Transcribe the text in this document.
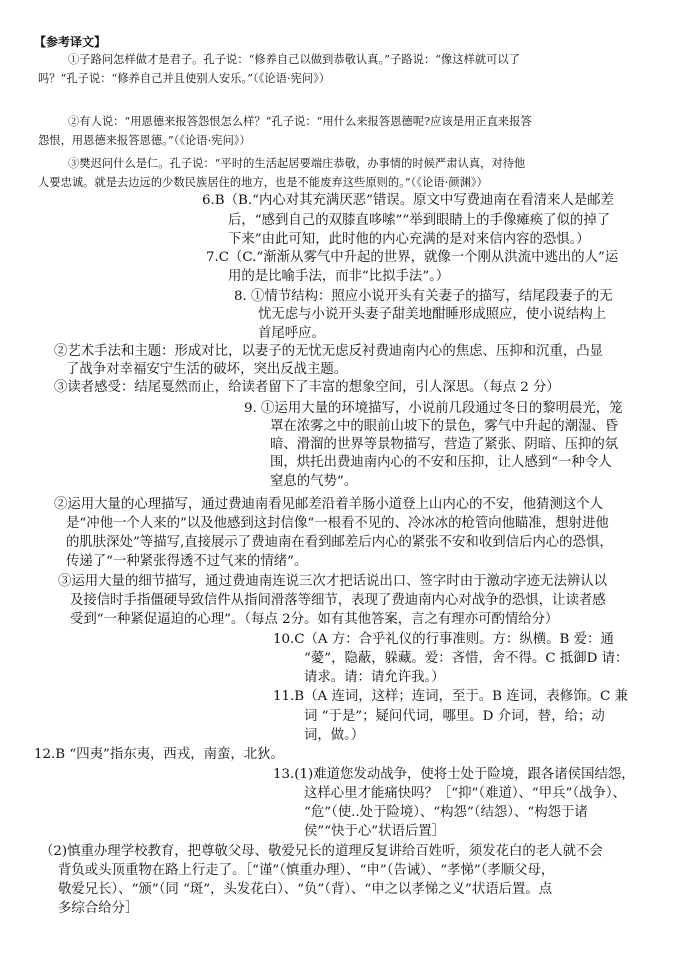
【参考译文】
①子路问怎样做才是君子。孔子说：“修养自己以做到恭敬认真。”子路说：“像这样就可以了
吗？”孔子说：“修养自己并且使别人安乐。”（《论语·宪问》）
②有人说：“用恩德来报答怨恨怎么样？”孔子说：“用什么来报答恩德呢?应该是用正直来报答
怨恨，用恩德来报答恩德。”（《论语·宪问》）
③樊迟问什么是仁。孔子说：“平时的生活起居要端庄恭敬，办事情的时候严肃认真，对待他
人要忠诚。就是去边远的少数民族居住的地方，也是不能废弃这些原则的。”（《论语·颜渊》）
6.B（B.“内心对其充满厌恶”错误。原文中写费迪南在看清来人是邮差
后，“感到自己的双膝直哆嗦”“举到眼睛上的手像瘫痪了似的掉了
下来”由此可知，此时他的内心充满的是对来信内容的恐惧。）
7.C（C.“渐渐从雾气中升起的世界，就像一个刚从洪流中逃出的人”运
用的是比喻手法，而非“比拟手法”。）
8. ①情节结构：照应小说开头有关妻子的描写，结尾段妻子的无
忧无虑与小说开头妻子甜美地酣睡形成照应，使小说结构上
首尾呼应。
②艺术手法和主题：形成对比，以妻子的无忧无虑反衬费迪南内心的焦虑、压抑和沉重，凸显
了战争对幸福安宁生活的破坏，突出反战主题。
③读者感受：结尾戛然而止，给读者留下了丰富的想象空间，引人深思。（每点 2 分）
9. ①运用大量的环境描写，小说前几段通过冬日的黎明晨光，笼
罩在浓雾之中的眼前山坡下的景色，雾气中升起的潮湿、昏
暗、滑溜的世界等景物描写，营造了紧张、阴暗、压抑的氛
围，烘托出费迪南内心的不安和压抑，让人感到“一种令人
窒息的气势”。
②运用大量的心理描写，通过费迪南看见邮差沿着羊肠小道登上山内心的不安，他猜测这个人
是“冲他一个人来的”以及他感到这封信像“一根看不见的、冷冰冰的枪管向他瞄准，想射进他
的肌肤深处”等描写,直接展示了费迪南在看到邮差后内心的紧张不安和收到信后内心的恐惧，
传递了“一种紧张得透不过气来的情绪”。
③运用大量的细节描写，通过费迪南连说三次才把话说出口、签字时由于激动字迹无法辨认以
及接信时手指僵硬导致信件从指间滑落等细节，表现了费迪南内心对战争的恐惧，让读者感
受到“一种紧促逼迫的心理”。（每点 2分。如有其他答案，言之有理亦可酌情给分）
10.C（A 方：合乎礼仪的行事准则。方：纵横。B 爱：通
“薆”，隐蔽，躲藏。爱：吝惜，舍不得。C 抵御D 请：
请求。请：请允许我。）
11.B（A 连词，这样；连词，至于。B 连词，表修饰。C 兼
词 “于是”；疑问代词，哪里。D 介词，替，给；动
词，做。）
12.B “四夷”指东夷，西戎，南蛮，北狄。
13.(1)难道您发动战争，使将士处于险境，跟各诸侯国结怨，
这样心里才能痛快吗？［“抑”（难道）、“甲兵”（战争）、
“危”（使..处于险境）、“构怨”（结怨）、“构怨于诸
侯”“快于心”状语后置］
（2)慎重办理学校教育，把尊敬父母、敬爱兄长的道理反复讲给百姓听，须发花白的老人就不会
背负或头顶重物在路上行走了。［“谨”（慎重办理）、“申”（告诫）、“孝悌”（孝顺父母，
敬爱兄长）、“颁”（同 “斑”，头发花白）、“负”（背）、“申之以孝悌之义”状语后置。点
多综合给分］
